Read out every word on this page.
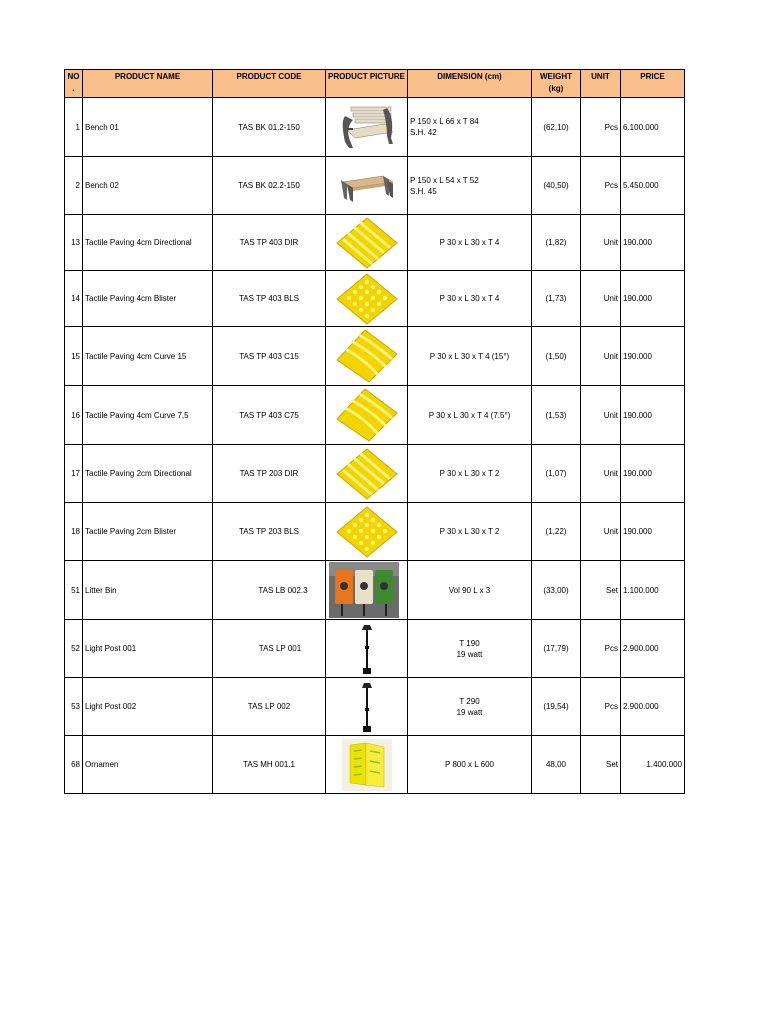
NO .	PRODUCT NAME	PRODUCT CODE	PRODUCT PICTURE	DIMENSION (cm)	WEIGHT (kg)	UNIT	PRICE
1	Bench 01	TAS BK 01.2-150		P 150 x L 66 x T 84
S.H. 42	(62,10)	Pcs	6.100.000
2	Bench 02	TAS BK 02.2-150		P 150 x L 54 x T 52
S.H. 45	(40,50)	Pcs	5.450.000
13	Tactile Paving 4cm Directional	TAS TP 403 DIR		P 30 x L 30 x T 4	(1,82)	Unit	190.000
14	Tactile Paving 4cm Blister	TAS TP 403 BLS		P 30 x L 30 x T 4	(1,73)	Unit	190.000
15	Tactile Paving 4cm Curve 15	TAS TP 403 C15		P 30 x L 30 x T 4 (15°)	(1,50)	Unit	190.000
16	Tactile Paving 4cm Curve 7,5	TAS TP 403 C75		P 30 x L 30 x T 4 (7.5°)	(1,53)	Unit	190.000
17	Tactile Paving 2cm Directional	TAS TP 203 DIR		P 30 x L 30 x T 2	(1,07)	Unit	190.000
18	Tactile Paving 2cm Blister	TAS TP 203 BLS		P 30 x L 30 x T 2	(1,22)	Unit	190.000
51	Litter Bin	TAS LB 002.3		Vol 90 L x 3	(33,00)	Set	1.100.000
52	Light Post 001	TAS LP 001		T 190
19 watt	(17,79)	Pcs	2.900.000
53	Light Post 002	TAS LP 002		T 290
19 watt	(19,54)	Pcs	2.900.000
68	Ornamen	TAS MH 001.1		P 800 x L 600	48,00	Set	1.400.000
